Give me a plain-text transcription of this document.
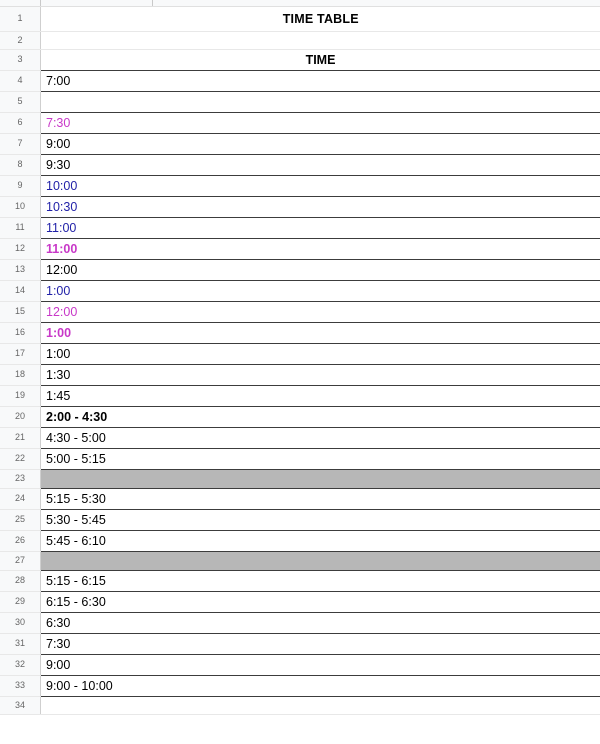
1	TIME TABLE
2		
3	TIME	
4	7:00	
5		
6	7:30	
7	9:00	
8	9:30	
9	10:00	
10	10:30	
11	11:00	
12	11:00	
13	12:00	
14	1:00	
15	12:00	
16	1:00	
17	1:00	
18	1:30	
19	1:45	
20	2:00 - 4:30	
21	4:30 - 5:00	
22	5:00 - 5:15	
23		
24	5:15 - 5:30	
25	5:30 - 5:45	
26	5:45 - 6:10	
27		
28	5:15 - 6:15	
29	6:15 - 6:30	
30	6:30	
31	7:30	
32	9:00	
33	9:00 - 10:00	
34		
